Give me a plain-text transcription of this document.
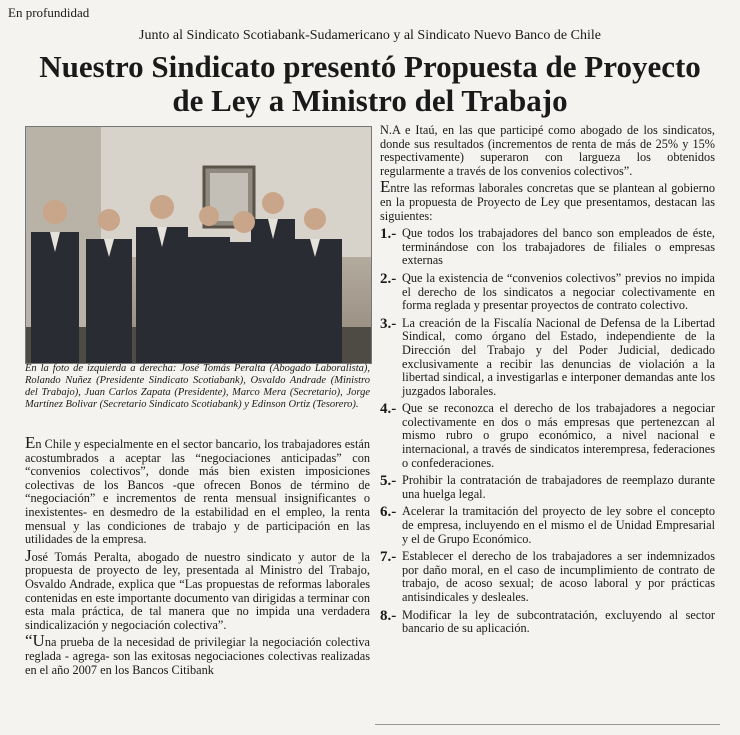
En profundidad
Junto al Sindicato Scotiabank-Sudamericano y al Sindicato Nuevo Banco de Chile
Nuestro Sindicato presentó Propuesta de Proyecto
de Ley a Ministro del Trabajo
En la foto de izquierda a derecha: José Tomás Peralta (Abogado Laboralista), Rolando Nuñez (Presidente Sindicato Scotiabank), Osvaldo Andrade (Ministro del Trabajo), Juan Carlos Zapata (Presidente), Marco Mera (Secretario), Jorge Martínez Bolivar (Secretario Sindicato Scotiabank) y Edinson Ortiz (Tesorero).

En Chile y especialmente en el sector bancario, los trabajadores están acostumbrados a aceptar las “negociaciones anticipadas” con “convenios colectivos”, donde más bien existen imposiciones colectivas de los Bancos -que ofrecen Bonos de término de “negociación” e incrementos de renta mensual insignificantes o inexistentes- en desmedro de la estabilidad en el empleo, la renta mensual y las condiciones de trabajo y de participación en las utilidades de la empresa.

José Tomás Peralta, abogado de nuestro sindicato y autor de la propuesta de proyecto de ley, presentada al Ministro del Trabajo, Osvaldo Andrade, explica que “Las propuestas de reformas laborales contenidas en este importante documento van dirigidas a terminar con esta mala práctica, de tal manera que no impida una verdadera sindicalización y negociación colectiva”.

“Una prueba de la necesidad de privilegiar la negociación colectiva reglada - agrega- son las exitosas negociaciones colectivas realizadas en el año 2007 en los Bancos Citibank

N.A e Itaú, en las que participé como abogado de los sindicatos, donde sus resultados (incrementos de renta de más de 25% y 15% respectivamente) superaron con largueza los obtenidos regularmente a través de los convenios colectivos”.

Entre las reformas laborales concretas que se plantean al gobierno en la propuesta de Proyecto de Ley que presentamos, destacan las siguientes:

1.- Que todos los trabajadores del banco son empleados de éste, terminándose con los trabajadores de filiales o empresas externas
2.- Que la existencia de “convenios colectivos” previos no impida el derecho de los sindicatos a negociar colectivamente en forma reglada y presentar proyectos de contrato colectivo.
3.- La creación de la Fiscalía Nacional de Defensa de la Libertad Sindical, como órgano del Estado, independiente de la Dirección del Trabajo y del Poder Judicial, dedicado exclusivamente a recibir las denuncias de violación a la libertad sindical, a investigarlas e interponer demandas ante los juzgados laborales.
4.- Que se reconozca el derecho de los trabajadores a negociar colectivamente en dos o más empresas que pertenezcan al mismo rubro o grupo económico, a nivel nacional e internacional, a través de sindicatos interempresa, federaciones o confederaciones.
5.- Prohibir la contratación de trabajadores de reemplazo durante una huelga legal.
6.- Acelerar la tramitación del proyecto de ley sobre el concepto de empresa, incluyendo en el mismo el de Unidad Empresarial y el de Grupo Económico.
7.- Establecer el derecho de los trabajadores a ser indemnizados por daño moral, en el caso de incumplimiento de contrato de trabajo, de acoso sexual; de acoso laboral y por prácticas antisindicales y desleales.
8.- Modificar la ley de subcontratación, excluyendo al sector bancario de su aplicación.
